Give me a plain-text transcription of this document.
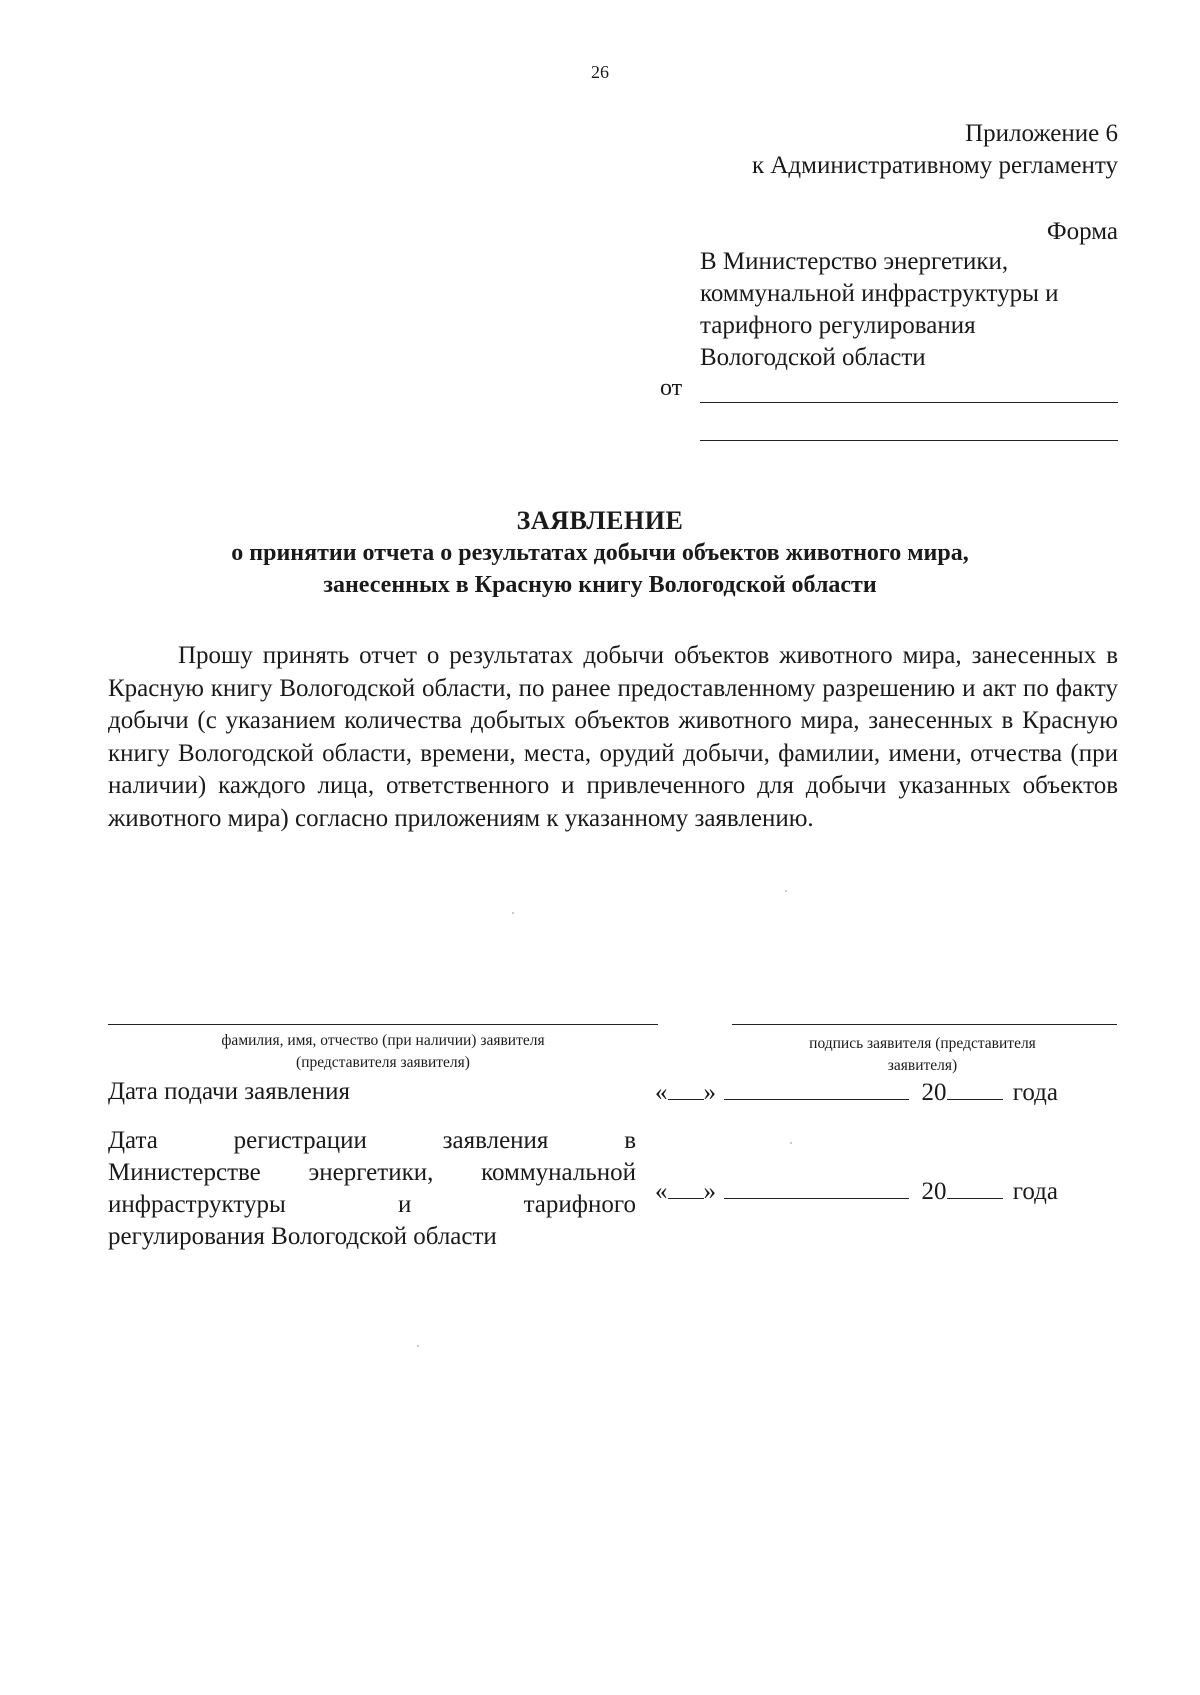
26
Приложение 6
к Административному регламенту
Форма
В Министерство энергетики,
коммунальной инфраструктуры и
тарифного регулирования
Вологодской области
от
ЗАЯВЛЕНИЕ
о принятии отчета о результатах добычи объектов животного мира,
занесенных в Красную книгу Вологодской области
Прошу принять отчет о результатах добычи объектов животного мира, занесенных в Красную книгу Вологодской области, по ранее предоставленному разрешению и акт по факту добычи (с указанием количества добытых объектов животного мира, занесенных в Красную книгу Вологодской области, времени, места, орудий добычи, фамилии, имени, отчества (при наличии) каждого лица, ответственного и привлеченного для добычи указанных объектов животного мира) согласно приложениям к указанному заявлению.
фамилия, имя, отчество (при наличии) заявителя
(представителя заявителя)
подпись заявителя (представителя
заявителя)
Дата подачи заявления	« »	20	года
Дата регистрации заявления в
Министерстве энергетики, коммунальной
инфраструктуры и тарифного
регулирования Вологодской области
« »	20	года
